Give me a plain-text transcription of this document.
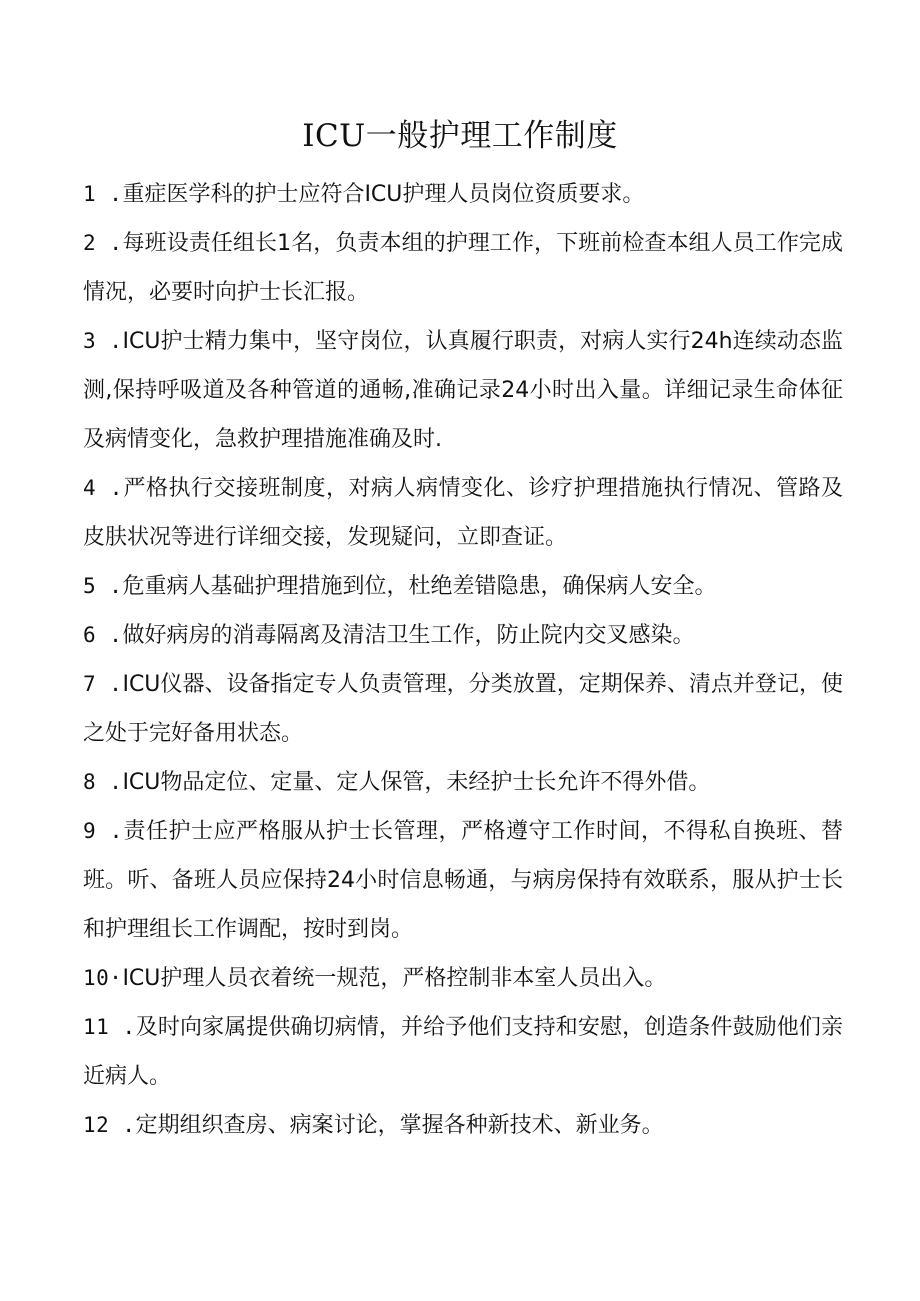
ICU一般护理工作制度

1 .重症医学科的护士应符合ICU护理人员岗位资质要求。

2 .每班设责任组长1名，负责本组的护理工作，下班前检查本组人员工作完成情况，必要时向护士长汇报。

3 .ICU护士精力集中，坚守岗位，认真履行职责，对病人实行24h连续动态监测,保持呼吸道及各种管道的通畅,准确记录24小时出入量。详细记录生命体征及病情变化，急救护理措施准确及时.

4 .严格执行交接班制度，对病人病情变化、诊疗护理措施执行情况、管路及皮肤状况等进行详细交接，发现疑问，立即查证。

5 .危重病人基础护理措施到位，杜绝差错隐患，确保病人安全。

6 .做好病房的消毒隔离及清洁卫生工作，防止院内交叉感染。

7 .ICU仪器、设备指定专人负责管理，分类放置，定期保养、清点并登记，使之处于完好备用状态。

8 .ICU物品定位、定量、定人保管，未经护士长允许不得外借。

9 .责任护士应严格服从护士长管理，严格遵守工作时间，不得私自换班、替班。听、备班人员应保持24小时信息畅通，与病房保持有效联系，服从护士长和护理组长工作调配，按时到岗。

10·ICU护理人员衣着统一规范，严格控制非本室人员出入。

11 .及时向家属提供确切病情，并给予他们支持和安慰，创造条件鼓励他们亲近病人。

12 .定期组织查房、病案讨论，掌握各种新技术、新业务。
